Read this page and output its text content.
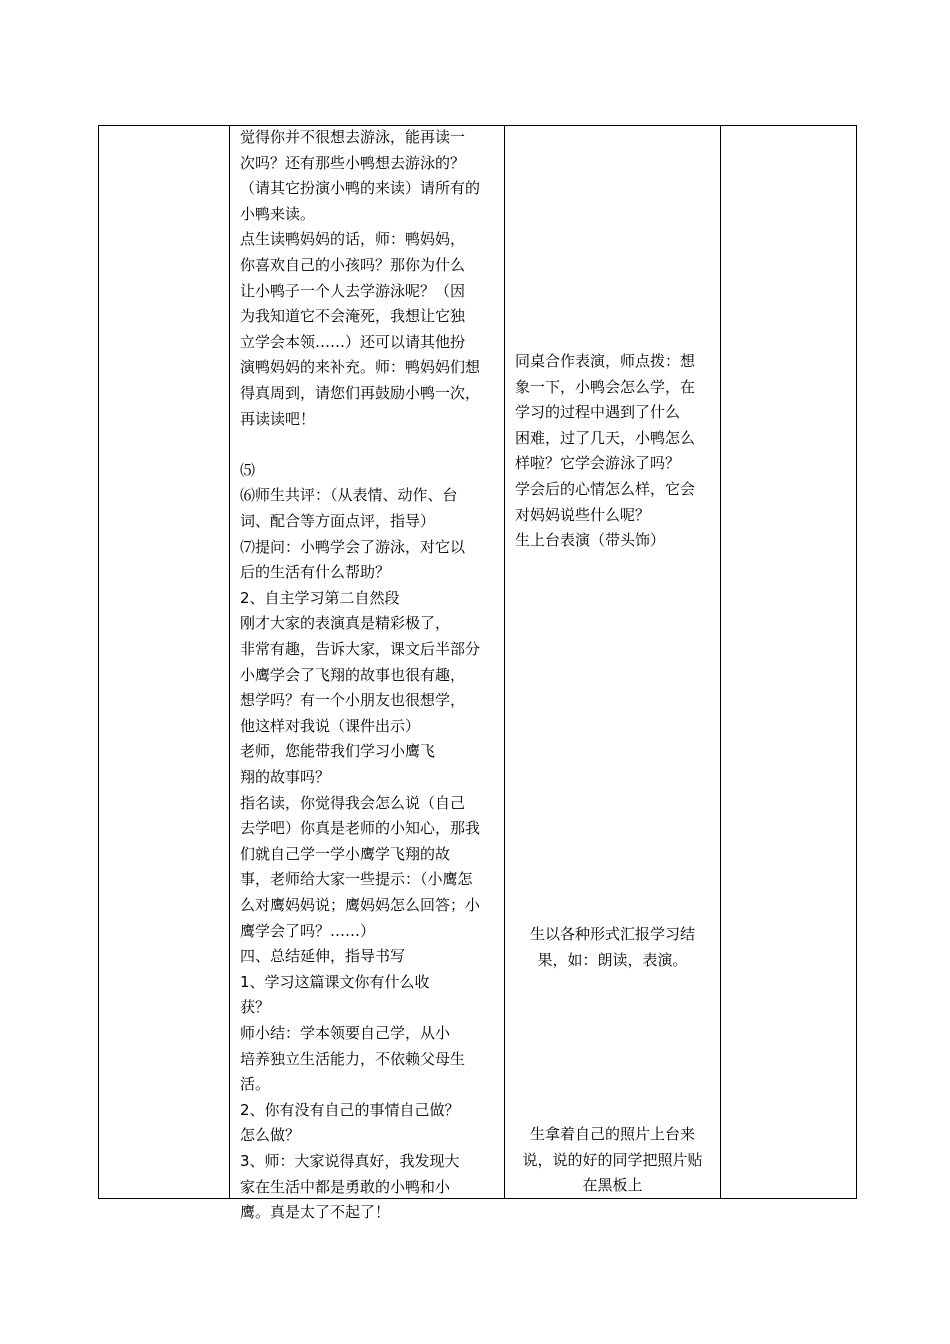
觉得你并不很想去游泳，能再读一
次吗？还有那些小鸭想去游泳的？
（请其它扮演小鸭的来读）请所有的
小鸭来读。
点生读鸭妈妈的话，师：鸭妈妈，
你喜欢自己的小孩吗？那你为什么
让小鸭子一个人去学游泳呢？（因
为我知道它不会淹死，我想让它独
立学会本领……）还可以请其他扮
演鸭妈妈的来补充。师：鸭妈妈们想
得真周到，请您们再鼓励小鸭一次，
再读读吧！
⑸
⑹师生共评：（从表情、动作、台
词、配合等方面点评，指导）
⑺提问：小鸭学会了游泳，对它以
后的生活有什么帮助？
2、自主学习第二自然段
刚才大家的表演真是精彩极了，
非常有趣，告诉大家，课文后半部分
小鹰学会了飞翔的故事也很有趣，
想学吗？有一个小朋友也很想学，
他这样对我说（课件出示）
老师，您能带我们学习小鹰飞
翔的故事吗？
指名读，你觉得我会怎么说（自己
去学吧）你真是老师的小知心，那我
们就自己学一学小鹰学飞翔的故
事，老师给大家一些提示：（小鹰怎
么对鹰妈妈说；鹰妈妈怎么回答；小
鹰学会了吗？……）
四、总结延伸，指导书写
1、学习这篇课文你有什么收
获？
师小结：学本领要自己学，从小
培养独立生活能力，不依赖父母生
活。
2、你有没有自己的事情自己做？
怎么做？
3、师：大家说得真好，我发现大
家在生活中都是勇敢的小鸭和小
鹰。真是太了不起了！

同桌合作表演，师点拨：想
象一下，小鸭会怎么学，在
学习的过程中遇到了什么
困难，过了几天，小鸭怎么
样啦？它学会游泳了吗？
学会后的心情怎么样，它会
对妈妈说些什么呢？
生上台表演（带头饰）
生以各种形式汇报学习结
果，如：朗读，表演。
生拿着自己的照片上台来
说，说的好的同学把照片贴
在黑板上
